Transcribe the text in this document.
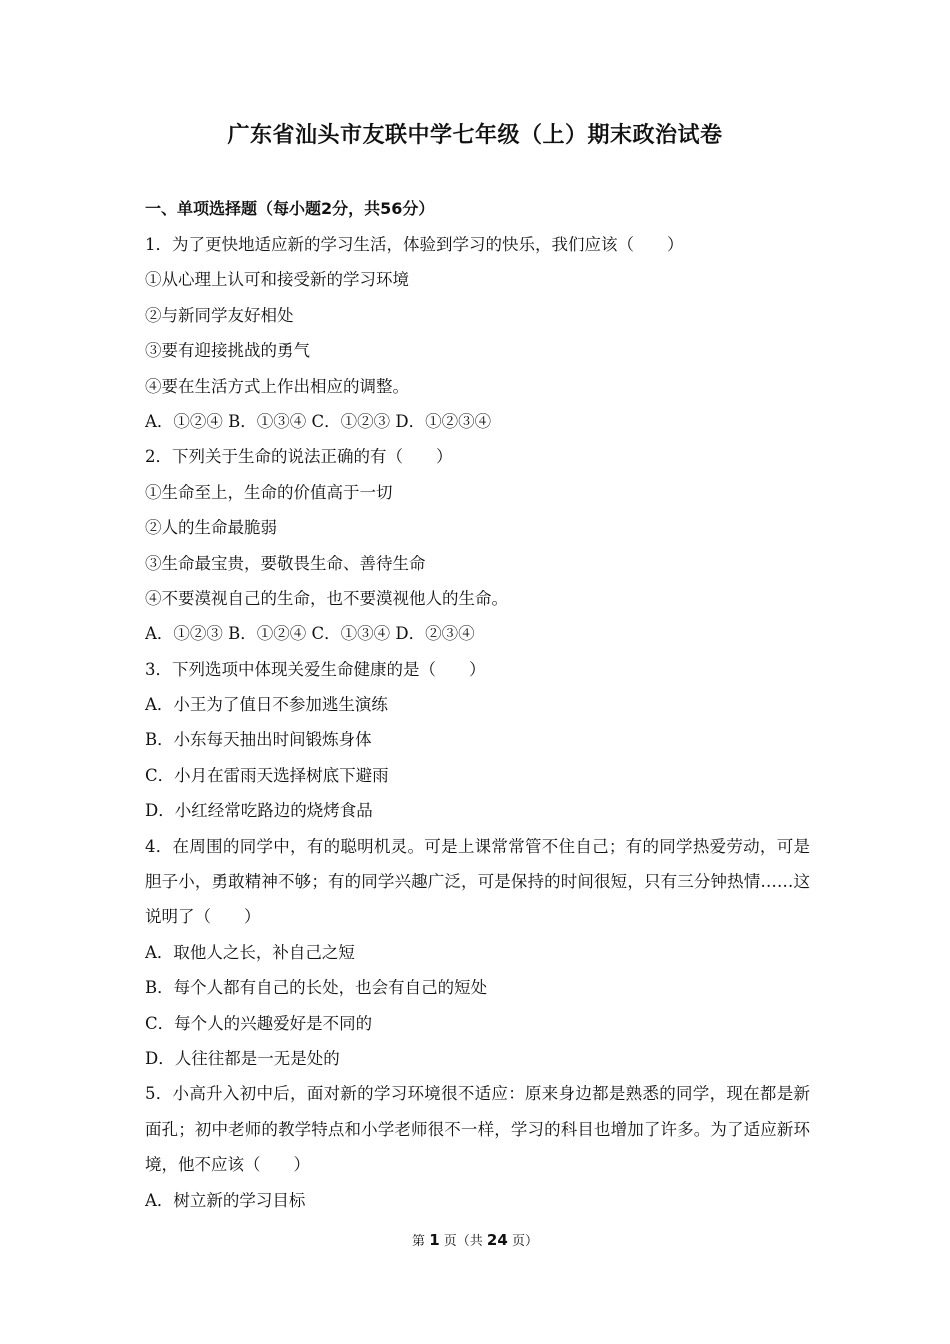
广东省汕头市友联中学七年级（上）期末政治试卷
一、单项选择题（每小题2分，共56分）
1．为了更快地适应新的学习生活，体验到学习的快乐，我们应该（　　）
①从心理上认可和接受新的学习环境
②与新同学友好相处
③要有迎接挑战的勇气
④要在生活方式上作出相应的调整。
A．①②④ B．①③④ C．①②③ D．①②③④
2．下列关于生命的说法正确的有（　　）
①生命至上，生命的价值高于一切
②人的生命最脆弱
③生命最宝贵，要敬畏生命、善待生命
④不要漠视自己的生命，也不要漠视他人的生命。
A．①②③ B．①②④ C．①③④ D．②③④
3．下列选项中体现关爱生命健康的是（　　）
A．小王为了值日不参加逃生演练
B．小东每天抽出时间锻炼身体
C．小月在雷雨天选择树底下避雨
D．小红经常吃路边的烧烤食品
4．在周围的同学中，有的聪明机灵。可是上课常常管不住自己；有的同学热爱劳动，可是胆子小，勇敢精神不够；有的同学兴趣广泛，可是保持的时间很短，只有三分钟热情……这说明了（　　）
A．取他人之长，补自己之短
B．每个人都有自己的长处，也会有自己的短处
C．每个人的兴趣爱好是不同的
D．人往往都是一无是处的
5．小高升入初中后，面对新的学习环境很不适应：原来身边都是熟悉的同学，现在都是新面孔；初中老师的教学特点和小学老师很不一样，学习的科目也增加了许多。为了适应新环境，他不应该（　　）
A．树立新的学习目标
第 1 页（共 24 页）
